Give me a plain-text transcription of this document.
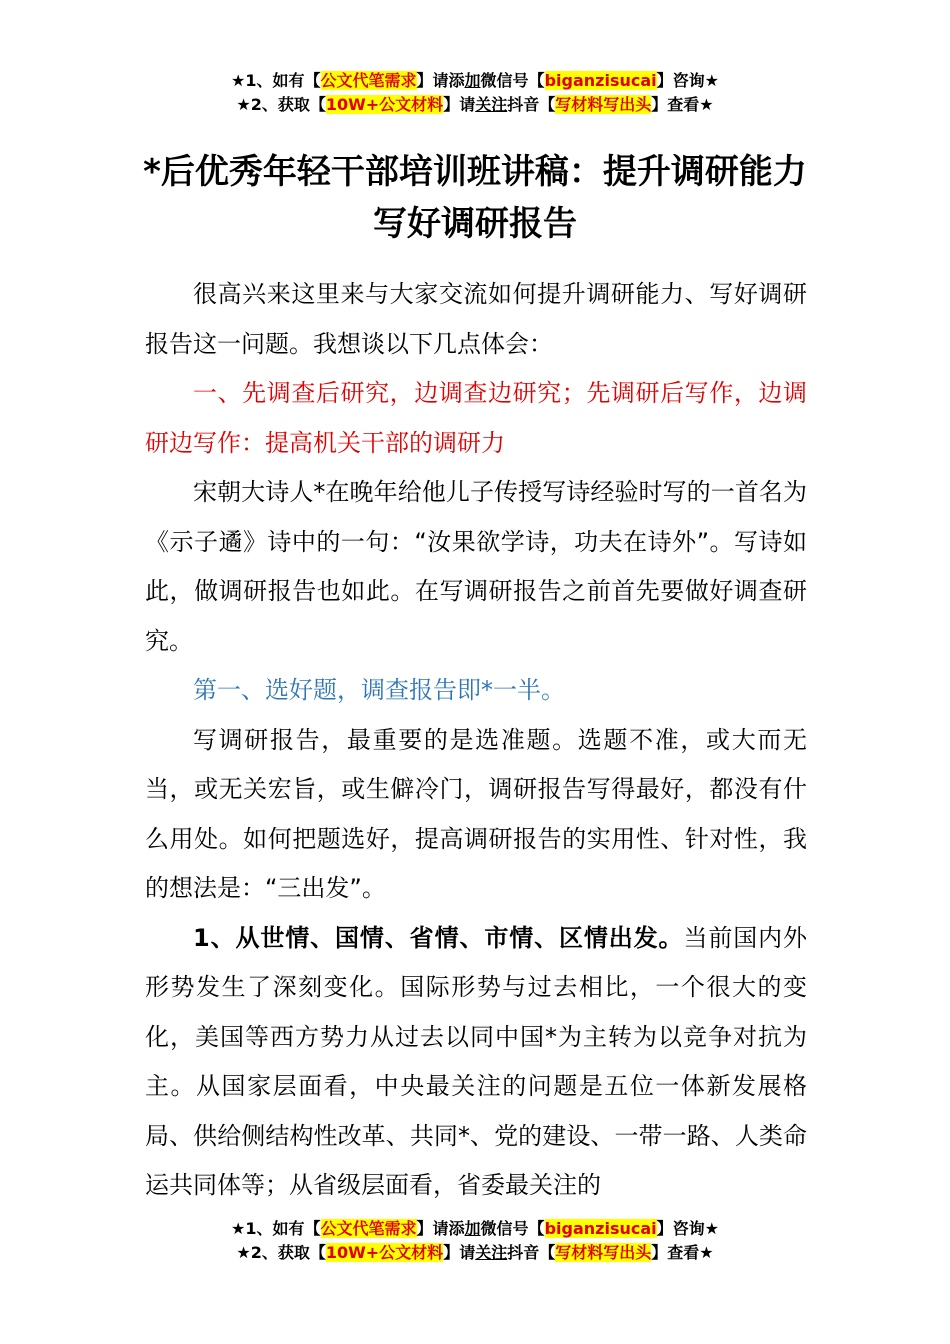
★1、如有【公文代笔需求】请添加微信号【biganzisucai】咨询★
★2、获取【10W+公文材料】请关注抖音【写材料写出头】查看★
*后优秀年轻干部培训班讲稿：提升调研能力写好调研报告

很高兴来这里来与大家交流如何提升调研能力、写好调研报告这一问题。我想谈以下几点体会：

一、先调查后研究，边调查边研究；先调研后写作，边调研边写作：提高机关干部的调研力

宋朝大诗人*在晚年给他儿子传授写诗经验时写的一首名为《示子遹》诗中的一句：“汝果欲学诗，功夫在诗外”。写诗如此，做调研报告也如此。在写调研报告之前首先要做好调查研究。

第一、选好题，调查报告即*一半。

写调研报告，最重要的是选准题。选题不准，或大而无当，或无关宏旨，或生僻冷门，调研报告写得最好，都没有什么用处。如何把题选好，提高调研报告的实用性、针对性，我的想法是：“三出发”。

1、从世情、国情、省情、市情、区情出发。当前国内外形势发生了深刻变化。国际形势与过去相比，一个很大的变化，美国等西方势力从过去以同中国*为主转为以竞争对抗为主。从国家层面看，中央最关注的问题是五位一体新发展格局、供给侧结构性改革、共同*、党的建设、一带一路、人类命运共同体等；从省级层面看，省委最关注的

★1、如有【公文代笔需求】请添加微信号【biganzisucai】咨询★
★2、获取【10W+公文材料】请关注抖音【写材料写出头】查看★
